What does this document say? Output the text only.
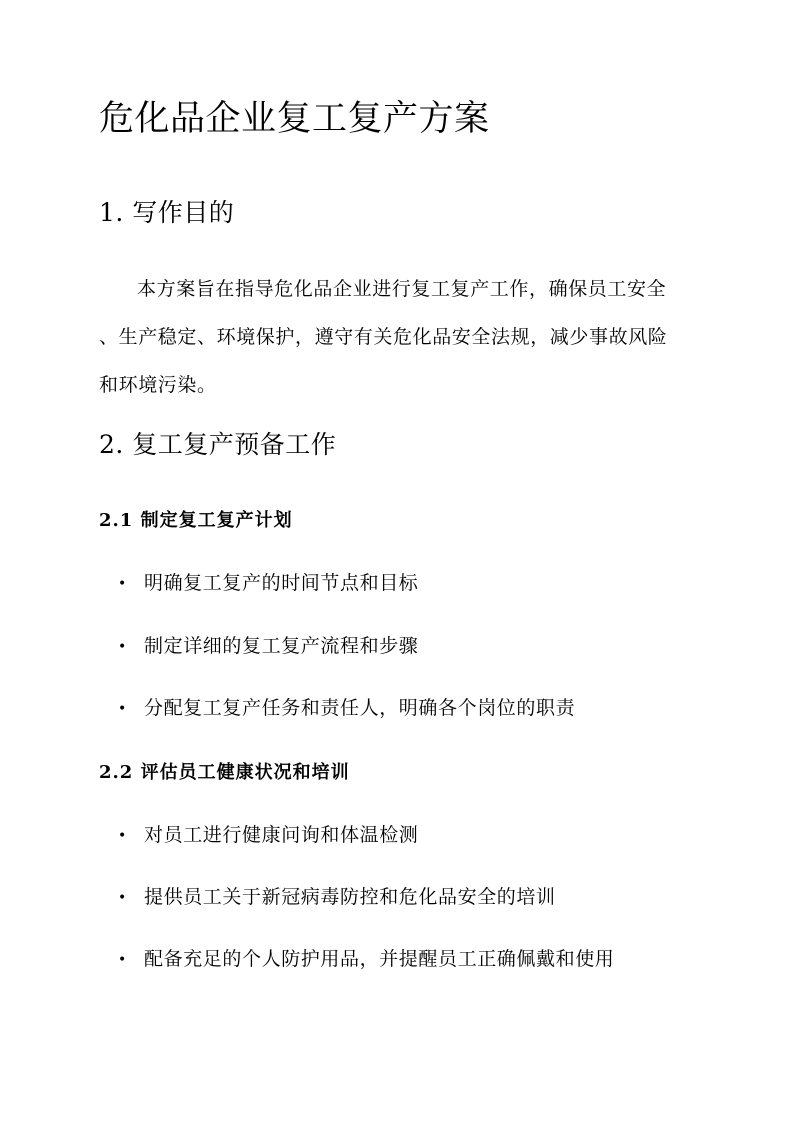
危化品企业复工复产方案
1. 写作目的
本方案旨在指导危化品企业进行复工复产工作，确保员工安全
、生产稳定、环境保护，遵守有关危化品安全法规，减少事故风险
和环境污染。
2. 复工复产预备工作
2.1 制定复工复产计划
• 明确复工复产的时间节点和目标
• 制定详细的复工复产流程和步骤
• 分配复工复产任务和责任人，明确各个岗位的职责
2.2 评估员工健康状况和培训
• 对员工进行健康问询和体温检测
• 提供员工关于新冠病毒防控和危化品安全的培训
• 配备充足的个人防护用品，并提醒员工正确佩戴和使用
